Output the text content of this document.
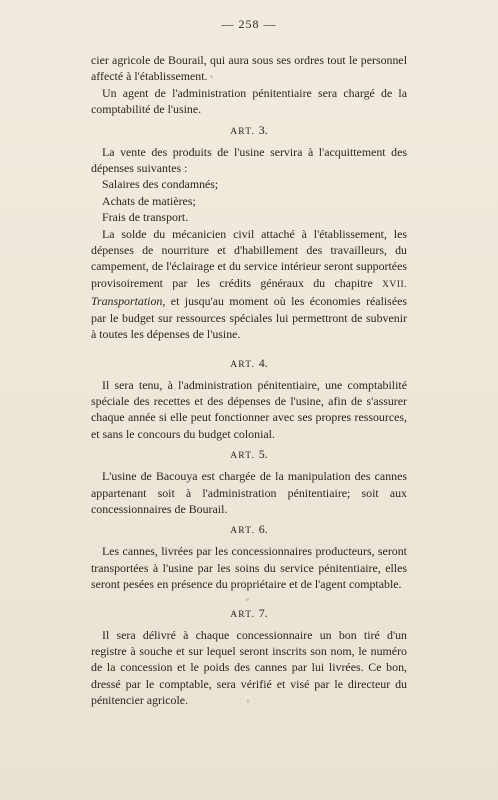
— 258 —

cier agricole de Bourail, qui aura sous ses ordres tout le personnel affecté à l'établissement.

Un agent de l'administration pénitentiaire sera chargé de la comptabilité de l'usine.

ART. 3.

La vente des produits de l'usine servira à l'acquittement des dépenses suivantes :

Salaires des condamnés;

Achats de matières;

Frais de transport.

La solde du mécanicien civil attaché à l'établissement, les dépenses de nourriture et d'habillement des travailleurs, du campement, de l'éclairage et du service intérieur seront supportées provisoirement par les crédits généraux du chapitre XVII. Transportation, et jusqu'au moment où les économies réalisées par le budget sur ressources spéciales lui permettront de subvenir à toutes les dépenses de l'usine.

ART. 4.

Il sera tenu, à l'administration pénitentiaire, une comptabilité spéciale des recettes et des dépenses de l'usine, afin de s'assurer chaque année si elle peut fonctionner avec ses propres ressources, et sans le concours du budget colonial.

ART. 5.

L'usine de Bacouya est chargée de la manipulation des cannes appartenant soit à l'administration pénitentiaire; soit aux concessionnaires de Bourail.

ART. 6.

Les cannes, livrées par les concessionnaires producteurs, seront transportées à l'usine par les soins du service pénitentiaire, elles seront pesées en présence du propriétaire et de l'agent comptable.

ART. 7.

Il sera délivré à chaque concessionnaire un bon tiré d'un registre à souche et sur lequel seront inscrits son nom, le numéro de la concession et le poids des cannes par lui livrées. Ce bon, dressé par le comptable, sera vérifié et visé par le directeur du pénitencier agricole.
